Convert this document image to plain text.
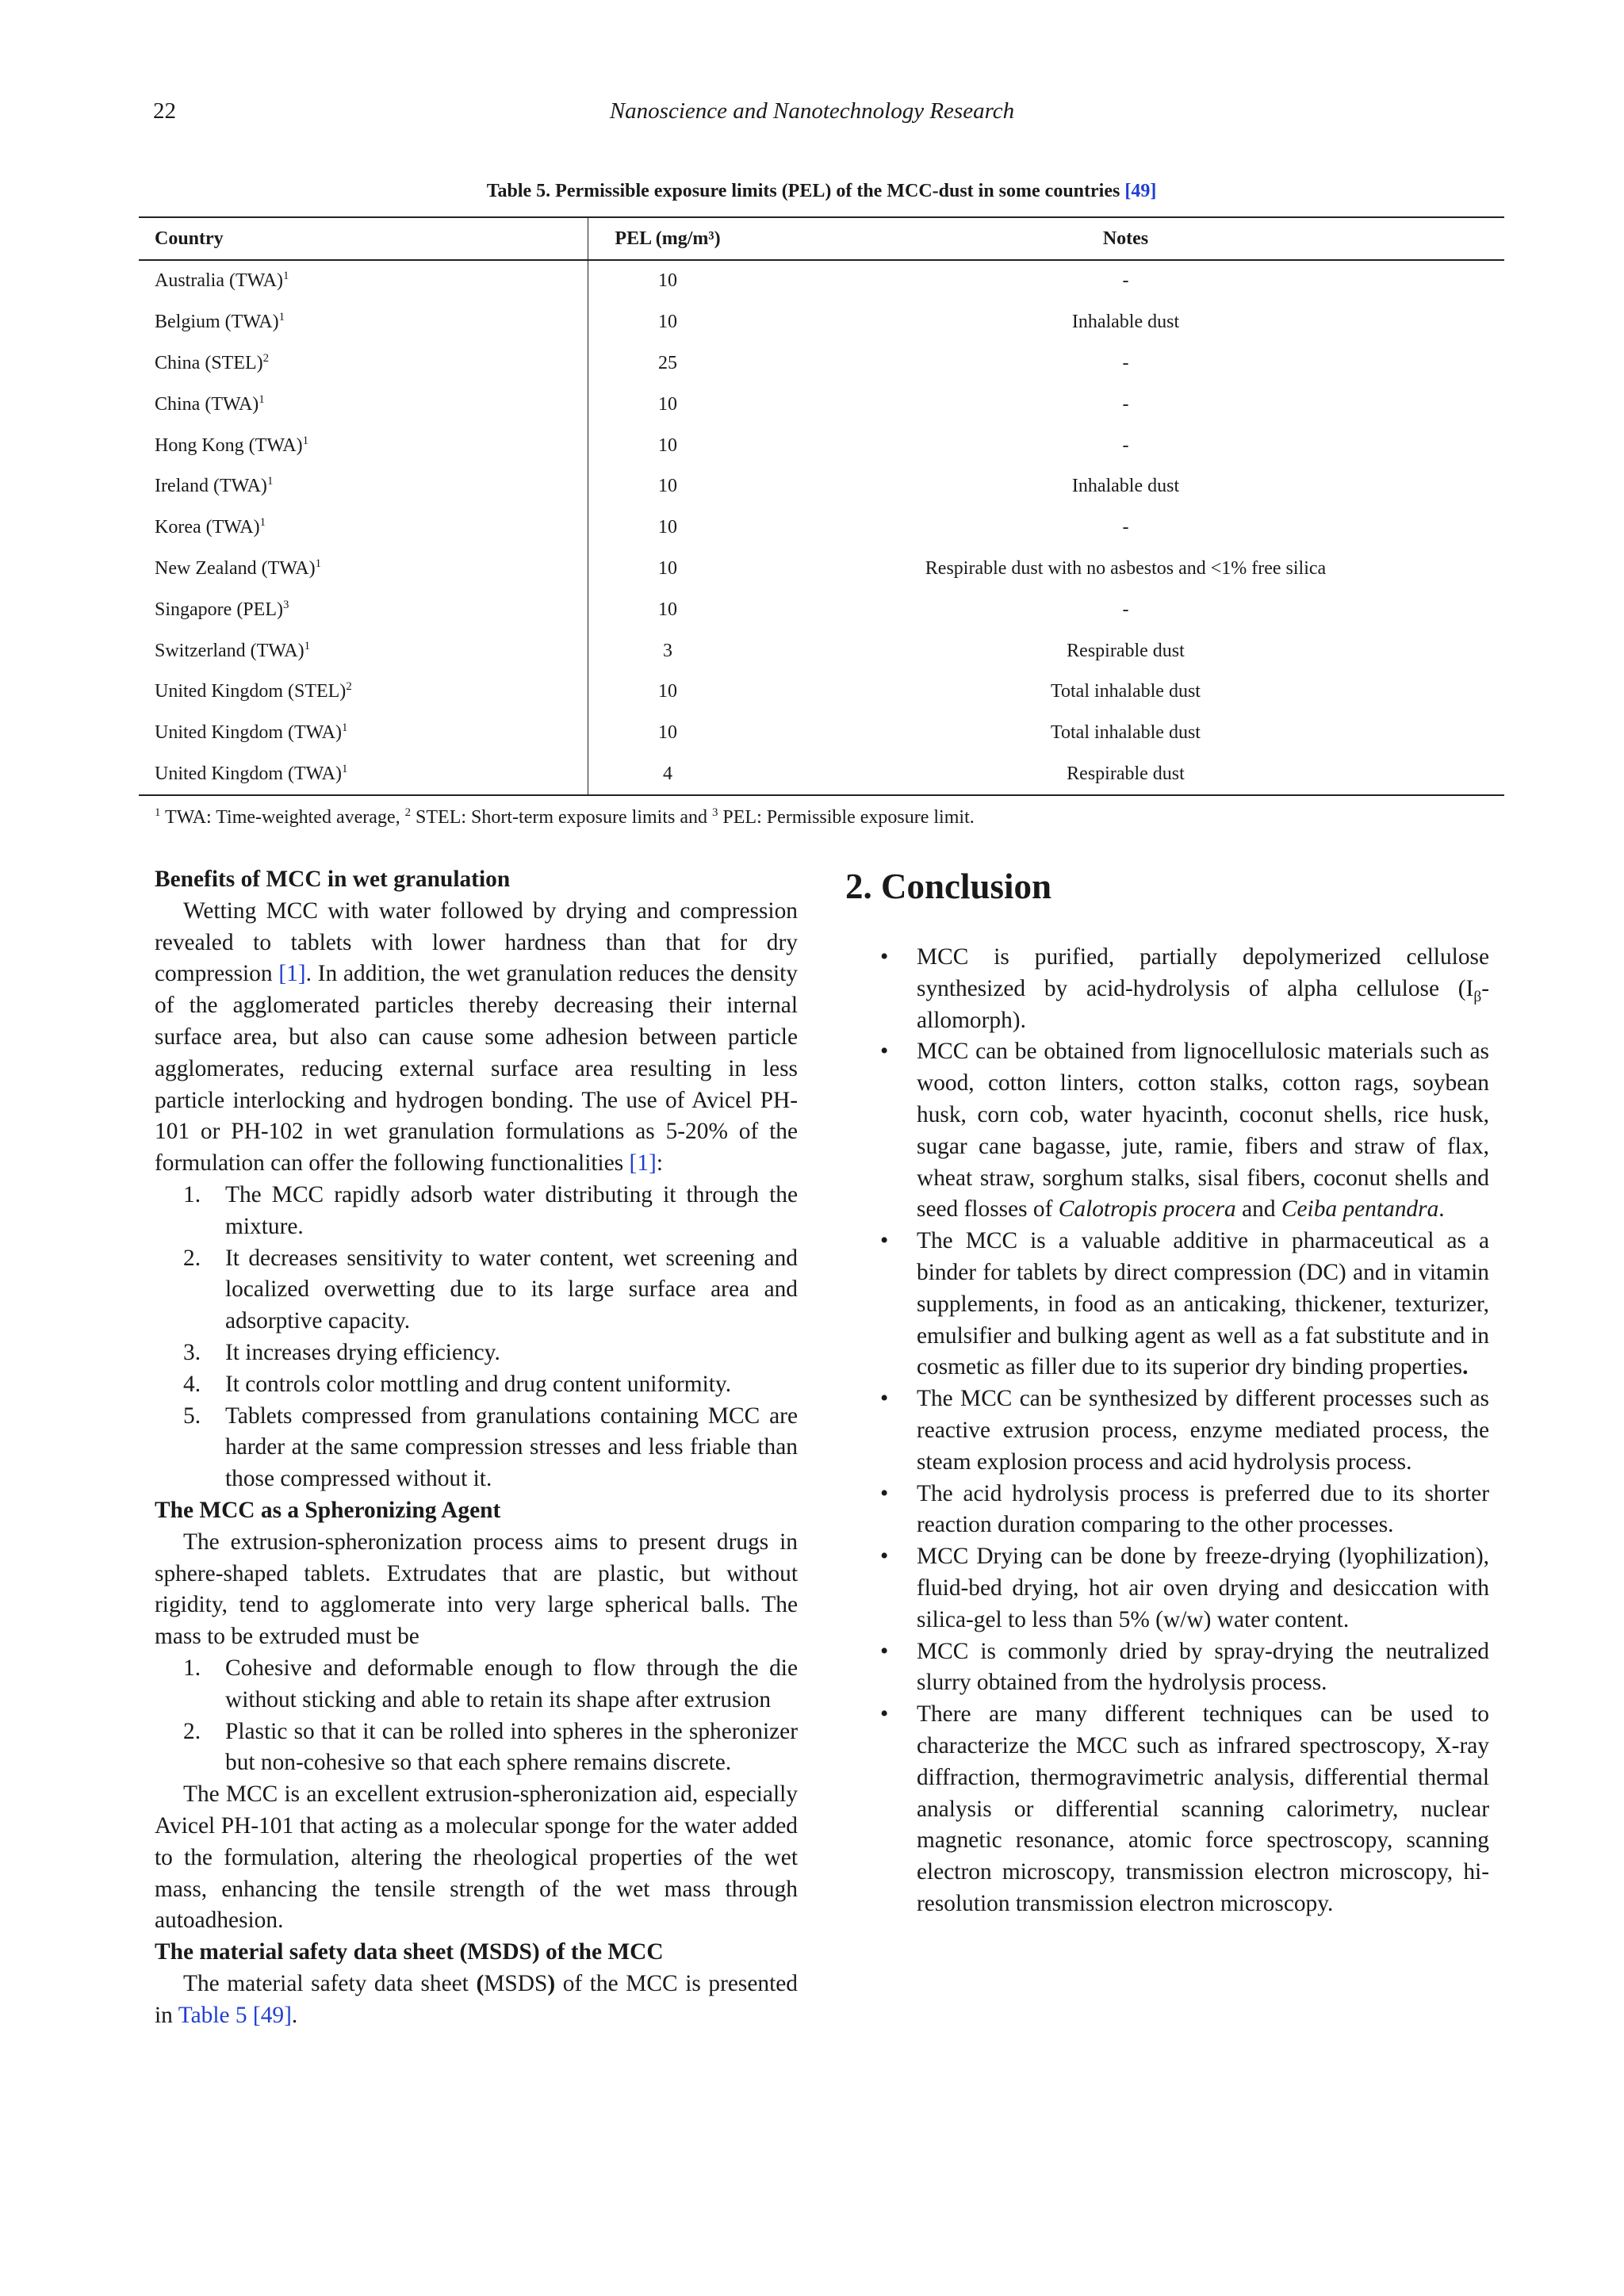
22	Nanoscience and Nanotechnology Research
Table 5. Permissible exposure limits (PEL) of the MCC-dust in some countries [49]
Country	PEL (mg/m³)	Notes
Australia (TWA)$^1$	10	-
Belgium (TWA)$^1$	10	Inhalable dust
China (STEL)$^2$	25	-
China (TWA)$^1$	10	-
Hong Kong (TWA)$^1$	10	-
Ireland (TWA)$^1$	10	Inhalable dust
Korea (TWA)$^1$	10	-
New Zealand (TWA)$^1$	10	Respirable dust with no asbestos and <1% free silica
Singapore (PEL)$^3$	10	-
Switzerland (TWA)$^1$	3	Respirable dust
United Kingdom (STEL)$^2$	10	Total inhalable dust
United Kingdom (TWA)$^1$	10	Total inhalable dust
United Kingdom (TWA)$^1$	4	Respirable dust
$^1$ TWA: Time-weighted average, $^2$ STEL: Short-term exposure limits and $^3$ PEL: Permissible exposure limit.
Benefits of MCC in wet granulation

Wetting MCC with water followed by drying and compression revealed to tablets with lower hardness than that for dry compression [1]. In addition, the wet granulation reduces the density of the agglomerated particles thereby decreasing their internal surface area, but also can cause some adhesion between particle agglomerates, reducing external surface area resulting in less particle interlocking and hydrogen bonding. The use of Avicel PH-101 or PH-102 in wet granulation formulations as 5-20% of the formulation can offer the following functionalities [1]:

1. The MCC rapidly adsorb water distributing it through the mixture.
2. It decreases sensitivity to water content, wet screening and localized overwetting due to its large surface area and adsorptive capacity.
3. It increases drying efficiency.
4. It controls color mottling and drug content uniformity.
5. Tablets compressed from granulations containing MCC are harder at the same compression stresses and less friable than those compressed without it.
The MCC as a Spheronizing Agent

The extrusion-spheronization process aims to present drugs in sphere-shaped tablets. Extrudates that are plastic, but without rigidity, tend to agglomerate into very large spherical balls. The mass to be extruded must be

1. Cohesive and deformable enough to flow through the die without sticking and able to retain its shape after extrusion
2. Plastic so that it can be rolled into spheres in the spheronizer but non-cohesive so that each sphere remains discrete.

The MCC is an excellent extrusion-spheronization aid, especially Avicel PH-101 that acting as a molecular sponge for the water added to the formulation, altering the rheological properties of the wet mass, enhancing the tensile strength of the wet mass through autoadhesion.

The material safety data sheet (MSDS) of the MCC

The material safety data sheet (MSDS) of the MCC is presented in Table 5 [49].

2. Conclusion
• MCC is purified, partially depolymerized cellulose synthesized by acid-hydrolysis of alpha cellulose $(I_\beta-allomorph)$.
• MCC can be obtained from lignocellulosic materials such as wood, cotton linters, cotton stalks, cotton rags, soybean husk, corn cob, water hyacinth, coconut shells, rice husk, sugar cane bagasse, jute, ramie, fibers and straw of flax, wheat straw, sorghum stalks, sisal fibers, coconut shells and seed flosses of Calotropis procera and Ceiba pentandra.
• The MCC is a valuable additive in pharmaceutical as a binder for tablets by direct compression (DC) and in vitamin supplements, in food as an anticaking, thickener, texturizer, emulsifier and bulking agent as well as a fat substitute and in cosmetic as filler due to its superior dry binding properties.
• The MCC can be synthesized by different processes such as reactive extrusion process, enzyme mediated process, the steam explosion process and acid hydrolysis process.
• The acid hydrolysis process is preferred due to its shorter reaction duration comparing to the other processes.
• MCC Drying can be done by freeze-drying (lyophilization), fluid-bed drying, hot air oven drying and desiccation with silica-gel to less than 5% (w/w) water content.
• MCC is commonly dried by spray-drying the neutralized slurry obtained from the hydrolysis process.
• There are many different techniques can be used to characterize the MCC such as infrared spectroscopy, X-ray diffraction, thermogravimetric analysis, differential thermal analysis or differential scanning calorimetry, nuclear magnetic resonance, atomic force spectroscopy, scanning electron microscopy, transmission electron microscopy, hi-resolution transmission electron microscopy.
